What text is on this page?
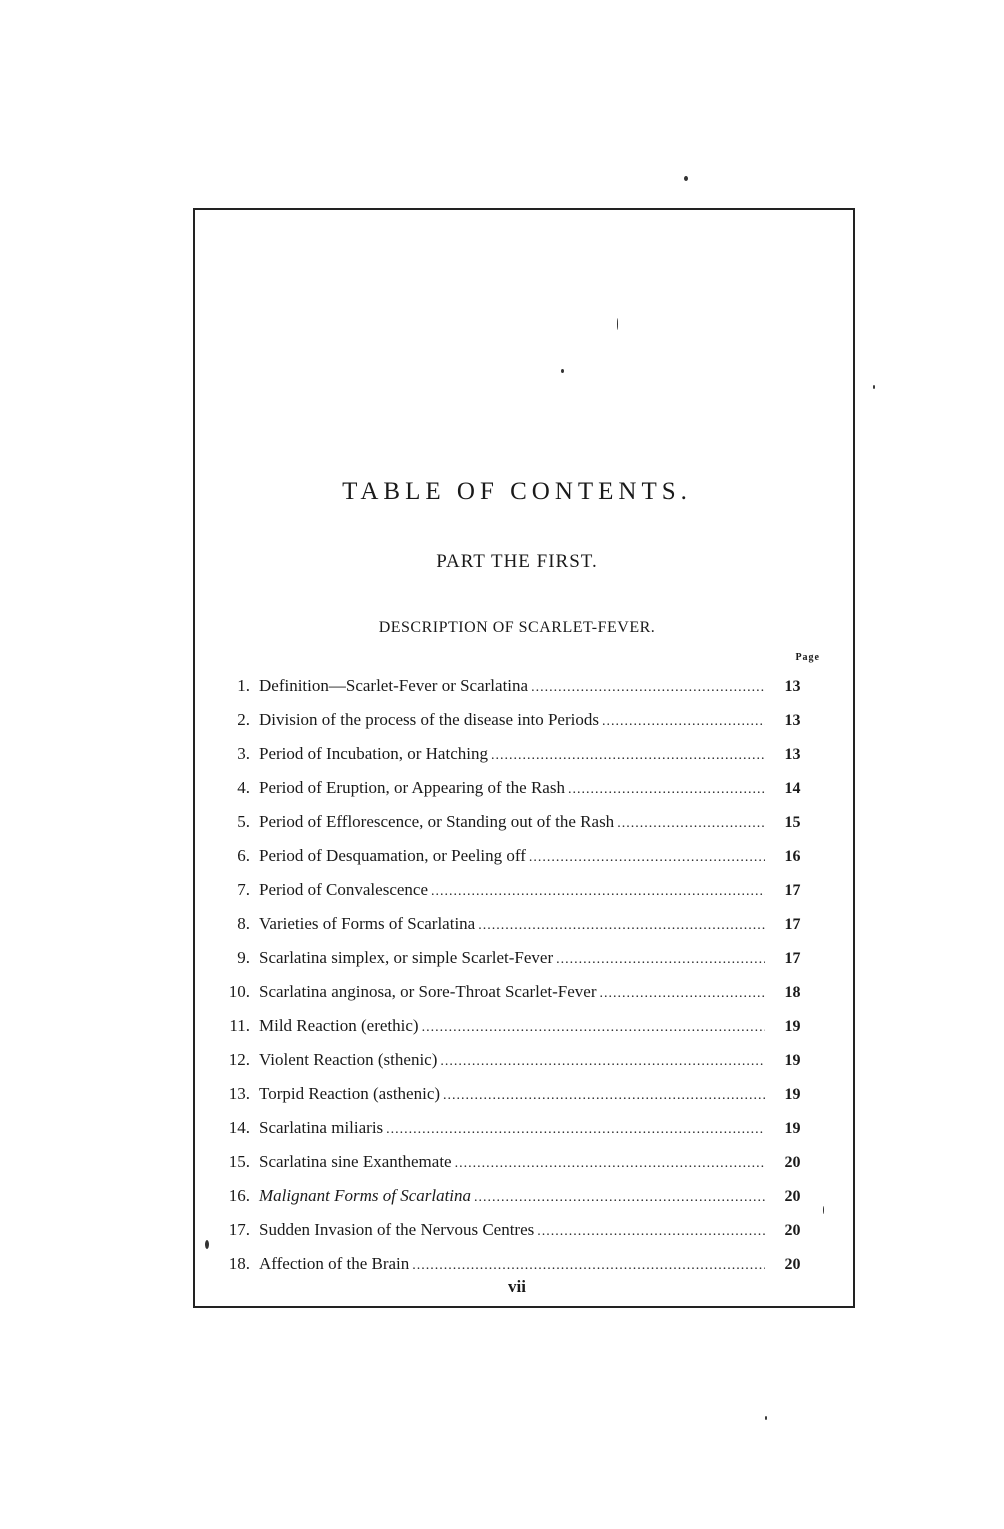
TABLE OF CONTENTS.
PART THE FIRST.
DESCRIPTION OF SCARLET-FEVER.
Page
1. Definition—Scarlet-Fever or Scarlatina .....	13
2. Division of the process of the disease into Periods .....	13
3. Period of Incubation, or Hatching .....	13
4. Period of Eruption, or Appearing of the Rash .....	14
5. Period of Efflorescence, or Standing out of the Rash .....	15
6. Period of Desquamation, or Peeling off .....	16
7. Period of Convalescence .....	17
8. Varieties of Forms of Scarlatina .....	17
9. Scarlatina simplex, or simple Scarlet-Fever .....	17
10. Scarlatina anginosa, or Sore-Throat Scarlet-Fever .....	18
11. Mild Reaction (erethic) .....	19
12. Violent Reaction (sthenic) .....	19
13. Torpid Reaction (asthenic) .....	19
14. Scarlatina miliaris .....	19
15. Scarlatina sine Exanthemate .....	20
16. Malignant Forms of Scarlatina .....	20
17. Sudden Invasion of the Nervous Centres .....	20
18. Affection of the Brain .....	20
vii
